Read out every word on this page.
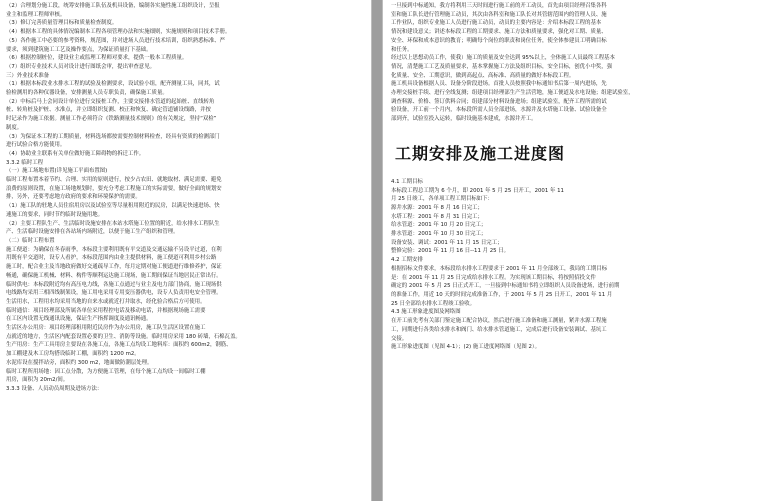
（2）合理划分施工段，统筹安排施工队伍及机具设备，编制各实施性施工组织设计，呈报
业主和监理工程师审核。
（3）修订完善质量管理目标和质量检查制度。
（4）根据本工程的具体情况编制本工程各项管理办法和实施细则，实施规则和项目技术手册。
（5）各作施工中必要的参考资料，规范图，并对进场人员进行技术培训，组织熟悉标准、严
要求，须到建筑施工工艺及操作要点，为保证质量打下基础。
（6）根据控制桩位，建设业主或监理工程师对要求，提供一般本工程质量。
（7）组织专业技术人员对设计进行图纸会审，提出审查意见。
三）外业技术准备
（1）根据本标段业水排水工程的试验及检测要求，设试验小组，配齐测量工具，同其，试
验检测用的各种仪器设备，安排测量人员专职负责，确保施工质量。
（2）中标后马上会同设计单位进行交接桩工作，主要交接排水管道的起始桩、直线转角
桩、转角桩及护桩、水准点，并立即组织复测、校正和恢复、确定管道铺设线路，并按
时记录作为施工依据。测量工作必须符合《铁路测量技术规则》的有关规定，坚持“双检”
制度。
（3）为保证本工程的工期质量，材料选场都按需要控制材料检查，经具有资质的检测部门
进行试验合格方能使用。
（4）协助业主联系有关单位做好施工障碍物的拆迁工作。
3.3.2 临时工程
（一）施工场地布置(详见施工平面布置图)
临时工程布置本着节约、合理、实用的原则进行，按少占农田、就地取材、满足需要、避免
浪费的原则设置，在施工场地规划时，要充分考虑工程施工的实际需要，做好全面的规划安
排，另外，还要考虑地方政府的要求和环境保护的需要。
（1）施工队的驻地人员住宿用房以及试验室等尽量租用附近的民房，以满足快速进场、快
速施工的要求，同时节约临时设施用地。
（2）主要工程队生产、生活临时设施安排在本站水塔施工位置的附近，给水排水工程队生
产、生活临时设施安排在各站场内场附近，以便于施工生产组织和管理。
（二）临时工程布置
施工便道：为确保在冬春雨季，本标段主要利用既有平交道及交通运输不另设平过道，在利
用既有平交道时，设专人看护，本标段范围内由业主提供材料，施工便道可利用乡村公路
施工时，配合业主及当地政府做好交通疏导工作，每月定期对施工便道进行维修养护，保证
畅通，确保施工机械、材料、构件等顺利运达施工现场，施工期间保证当地居民正常出行。
临时供电：本标段附近均有高压电力线，各施工点通过与业主及电力部门协商，施工现场供
电线路均采用三相四线制架设，施工用电采用专用变压器供电，设专人负责用电安全管理。
生活用水，工程用水均采用当地的自来水或就近打井取水，经化验合格后方可使用。
临时通信：项目经理部及所属各单位采用程控电话及移动电话，并根据现场施工需要
在工区内设置无线通讯设施，保证生产指挥调度及通讯畅通。
生活区办公用房：项目经理部租用附近民房作为办公用房，施工队生活区设置在施工
点就近的地方，生活区内配套设置必要的卫生、消防等设施。临时用房采用 180 砖墙，石棉瓦盖。
生产用房：生产工具用房主要设在各施工点，各施工点均设工地料库：面积约 600m2，钢筋、
加工棚建及木工房均搭设临时工棚，面积约 1200 m2。
水泥库设在搅拌站旁，面积约 300 m2，地面做防潮层处理。
临时工程所用场地：因工点分散，为方便施工管理，在每个施工点均设一间临时工棚
用房，面积为 20m2/间。
3.3.3 设备、人员动员周期及进场方法：
一旦接到中标通知，我方将利用三天时间进行施工前的开工动员，首先由项目经理召集各科
室和施工队长进行管理施工动员，其次由各科室和施工队长对其管辖范围内的管理人员、施
工作业队，组织专业施工人员进行施工动员，动员的主要内容是：介绍本标段工程的基本
情况和建设意义；讲述本标段工程的工期要求、施工方法和质量要求，强化对工期、质量、
安全、环保和成本意识的教育；明确每个岗位的职责和岗位任务，使全体参建员工明确目标
和任务。
经过以上思想动员工作，使我）施工的质量及安全达到 95%以上，全体施工人员最终工程基本
情况，清楚施工工艺及质量要求，基本掌握施工方法及组织目标，安全目标，创优小中奖，强
化质量、安全、工期意识，做到高起点、高标准、高质量的做好本标段工程。
施工机具设备根据人员、设备分阶段进场。首批人员按照我中标通知书后第一周内进场，先
办理交接桩手续、进行全线复测；组建项目经理部生产生活营地，施工便道及水电设施；组建试验室，
调查料源、价格、签订供料合同；组建部分材料设备进场；组建试验室，配齐工程所需的试
验设备，开工前一个月内，本标段所需人员全部进场，水源井及水塔施工设备、试验设备全
部到齐，试验室投入运转，临时设施基本建成，水源井开工。
工期安排及施工进度图
4.1 工期目标
本标段工程总工期为 6 个月，即 2001 年 5 月 25 日开工，2001 年 11
月 25 日竣工，各单项工程工期目标如下：
源井水源：2001 年 8 月 16 日完工；
水塔工程：2001 年 8 月 31 日完工；
给水管道：2001 年 10 月 20 日完工；
排水管道：2001 年 10 月 30 日完工；
设备安装、调试：2001 年 11 月 15 日完工；
整修完验：2001 年 11 月 16 日--11 月 25 日。
4.2 工期安排
根据招标文件要求，本标段给水排水工程要求于 2001 年 11 月全部竣工，我局的工期目标
是：在 2001 年 11 月 25 日完成给水排水工程。为实现该工期目标，将按照招投文件
确定的 2001 年 5 月 25 日正式开工，一旦接到中标通知书将立即组织人员设备进场，进行前期
的准备工作，用近 10 天的时间完成准备工作，于 2001 年 5 月 25 日开工，2001 年 11 月
25 日全部给水排水工程竣工验收。
4.3 施工形象进度图及网络图
在开工前先考有关部门鉴定施工配合协议，然后进行施工准备和施工测量，紧并水源工程施
工，同期进行各类给水排水和阀门、给水排水管道施工，完成后进行设备安装调试、基坑工
交接。
施工形象进度图（见图 4-1）；(2) 施工进度网络图（见图 2）。
